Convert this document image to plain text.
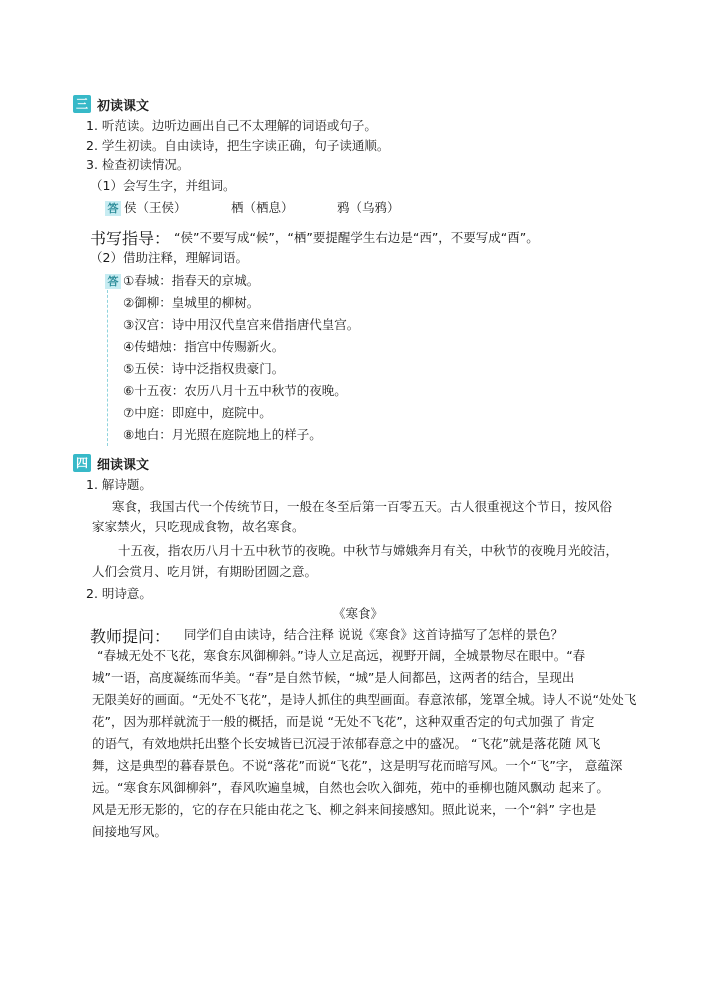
三 初读课文
1. 听范读。边听边画出自己不太理解的词语或句子。
2. 学生初读。自由读诗，把生字读正确，句子读通顺。
3. 检查初读情况。
（1）会写生字，并组词。
答 侯（王侯）	栖（栖息）	鸦（乌鸦）
书写指导： “侯”不要写成“候”，“栖”要提醒学生右边是“西”，不要写成“酉”。
（2）借助注释，理解词语。
答 ①春城：指春天的京城。
②御柳：皇城里的柳树。
③汉宫：诗中用汉代皇宫来借指唐代皇宫。
④传蜡烛：指宫中传赐新火。
⑤五侯：诗中泛指权贵豪门。
⑥十五夜：农历八月十五中秋节的夜晚。
⑦中庭：即庭中，庭院中。
⑧地白：月光照在庭院地上的样子。
四 细读课文
1. 解诗题。
寒食，我国古代一个传统节日，一般在冬至后第一百零五天。古人很重视这个节日，按风俗
家家禁火，只吃现成食物，故名寒食。
十五夜，指农历八月十五中秋节的夜晚。中秋节与嫦娥奔月有关，中秋节的夜晚月光皎洁，
人们会赏月、吃月饼，有期盼团圆之意。
2. 明诗意。
《寒食》
教师提问： 同学们自由读诗，结合注释 说说《寒食》这首诗描写了怎样的景色？
“春城无处不飞花，寒食东风御柳斜。”诗人立足高远，视野开阔，全城景物尽在眼中。“春
城”一语，高度凝练而华美。“春”是自然节候，“城”是人间都邑，这两者的结合，呈现出
无限美好的画面。“无处不飞花”，是诗人抓住的典型画面。春意浓郁，笼罩全城。诗人不说“处处飞
花”，因为那样就流于一般的概括，而是说 “无处不飞花”，这种双重否定的句式加强了 肯定
的语气，有效地烘托出整个长安城皆已沉浸于浓郁春意之中的盛况。 “飞花”就是落花随 风飞
舞，这是典型的暮春景色。不说“落花”而说“飞花”，这是明写花而暗写风。一个“飞”字， 意蕴深
远。“寒食东风御柳斜”，春风吹遍皇城，自然也会吹入御苑，苑中的垂柳也随风飘动 起来了。
风是无形无影的，它的存在只能由花之飞、柳之斜来间接感知。照此说来，一个“斜” 字也是
间接地写风。
